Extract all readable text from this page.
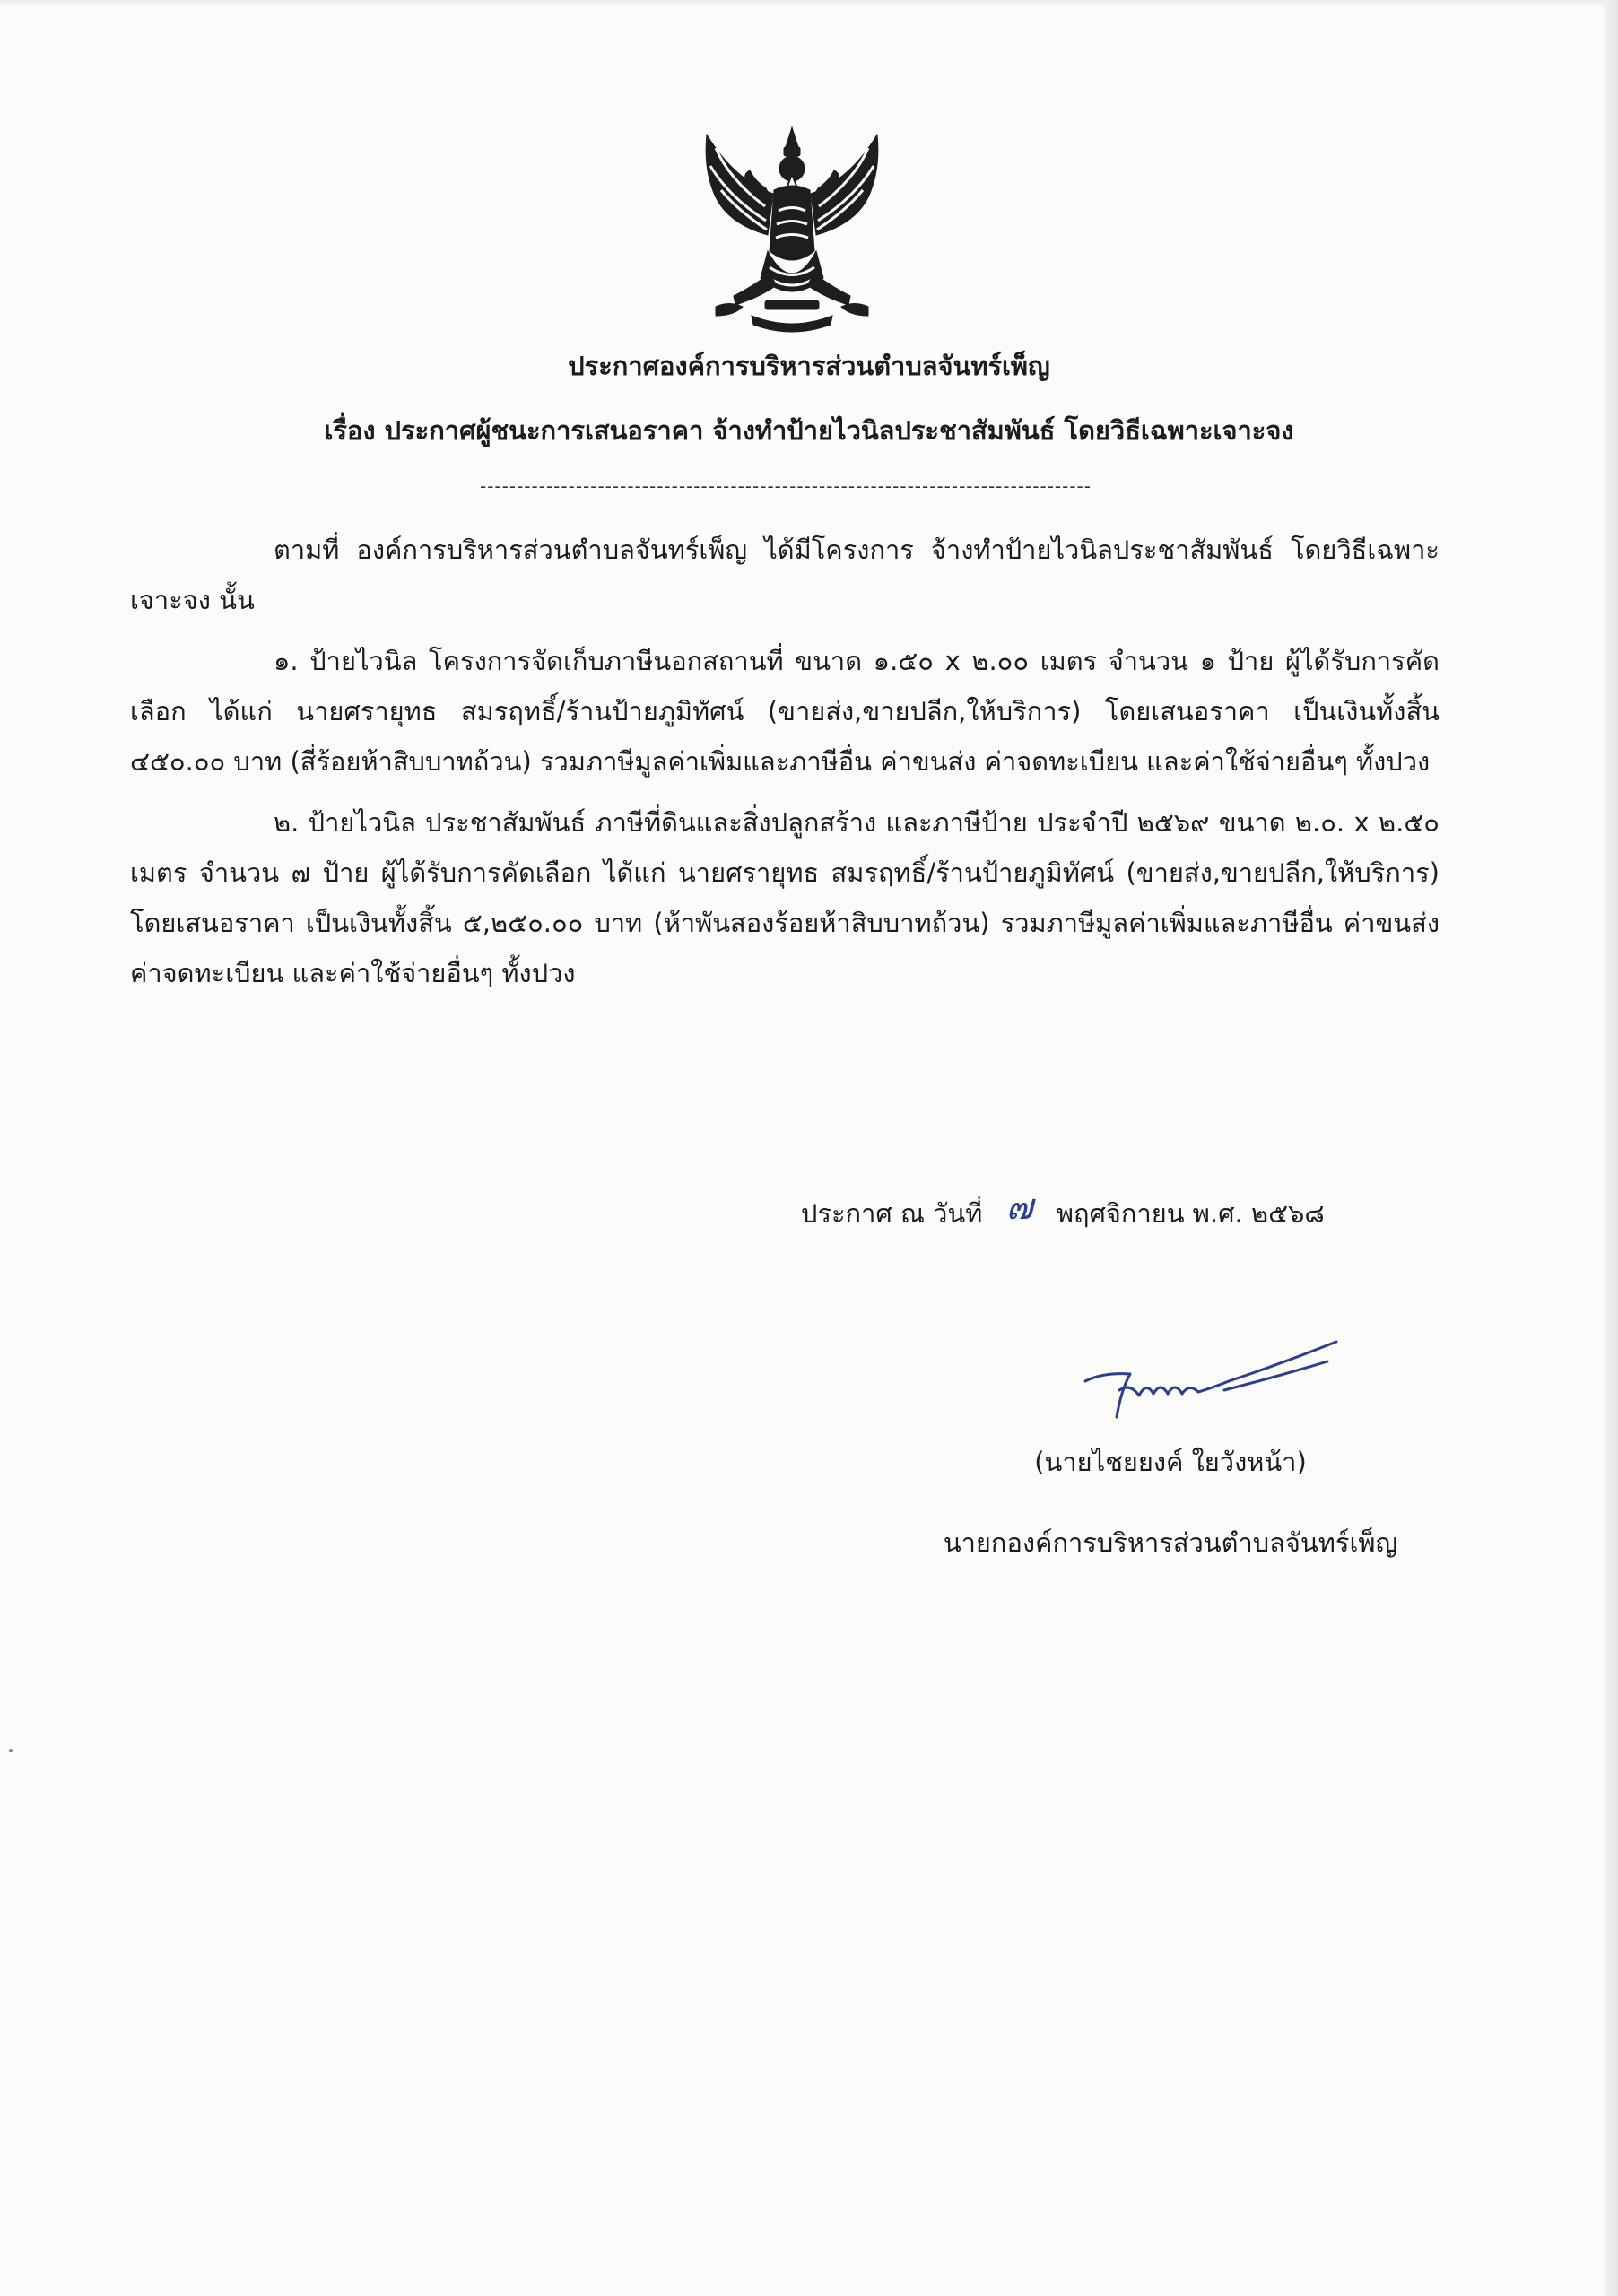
ประกาศองค์การบริหารส่วนตำบลจันทร์เพ็ญ
เรื่อง ประกาศผู้ชนะการเสนอราคา จ้างทำป้ายไวนิลประชาสัมพันธ์ โดยวิธีเฉพาะเจาะจง
-----------------------------------------------------------------------------------

ตามที่ องค์การบริหารส่วนตำบลจันทร์เพ็ญ ได้มีโครงการ จ้างทำป้ายไวนิลประชาสัมพันธ์ โดยวิธีเฉพาะเจาะจง นั้น

๑. ป้ายไวนิล โครงการจัดเก็บภาษีนอกสถานที่ ขนาด ๑.๕๐ x ๒.๐๐ เมตร จำนวน ๑ ป้าย ผู้ได้รับการคัดเลือก ได้แก่ นายศรายุทธ สมรฤทธิ์/ร้านป้ายภูมิทัศน์ (ขายส่ง,ขายปลีก,ให้บริการ) โดยเสนอราคา เป็นเงินทั้งสิ้น ๔๕๐.๐๐ บาท (สี่ร้อยห้าสิบบาทถ้วน) รวมภาษีมูลค่าเพิ่มและภาษีอื่น ค่าขนส่ง ค่าจดทะเบียน และค่าใช้จ่ายอื่นๆ ทั้งปวง

๒. ป้ายไวนิล ประชาสัมพันธ์ ภาษีที่ดินและสิ่งปลูกสร้าง และภาษีป้าย ประจำปี ๒๕๖๙ ขนาด ๒.๐. x ๒.๕๐ เมตร จำนวน ๗ ป้าย ผู้ได้รับการคัดเลือก ได้แก่ นายศรายุทธ สมรฤทธิ์/ร้านป้ายภูมิทัศน์ (ขายส่ง,ขายปลีก,ให้บริการ) โดยเสนอราคา เป็นเงินทั้งสิ้น ๕,๒๕๐.๐๐ บาท (ห้าพันสองร้อยห้าสิบบาทถ้วน) รวมภาษีมูลค่าเพิ่มและภาษีอื่น ค่าขนส่ง ค่าจดทะเบียน และค่าใช้จ่ายอื่นๆ ทั้งปวง

ประกาศ ณ วันที่ ๗ พฤศจิกายน พ.ศ. ๒๕๖๘
(นายไชยยงค์ ใยวังหน้า)
นายกองค์การบริหารส่วนตำบลจันทร์เพ็ญ
